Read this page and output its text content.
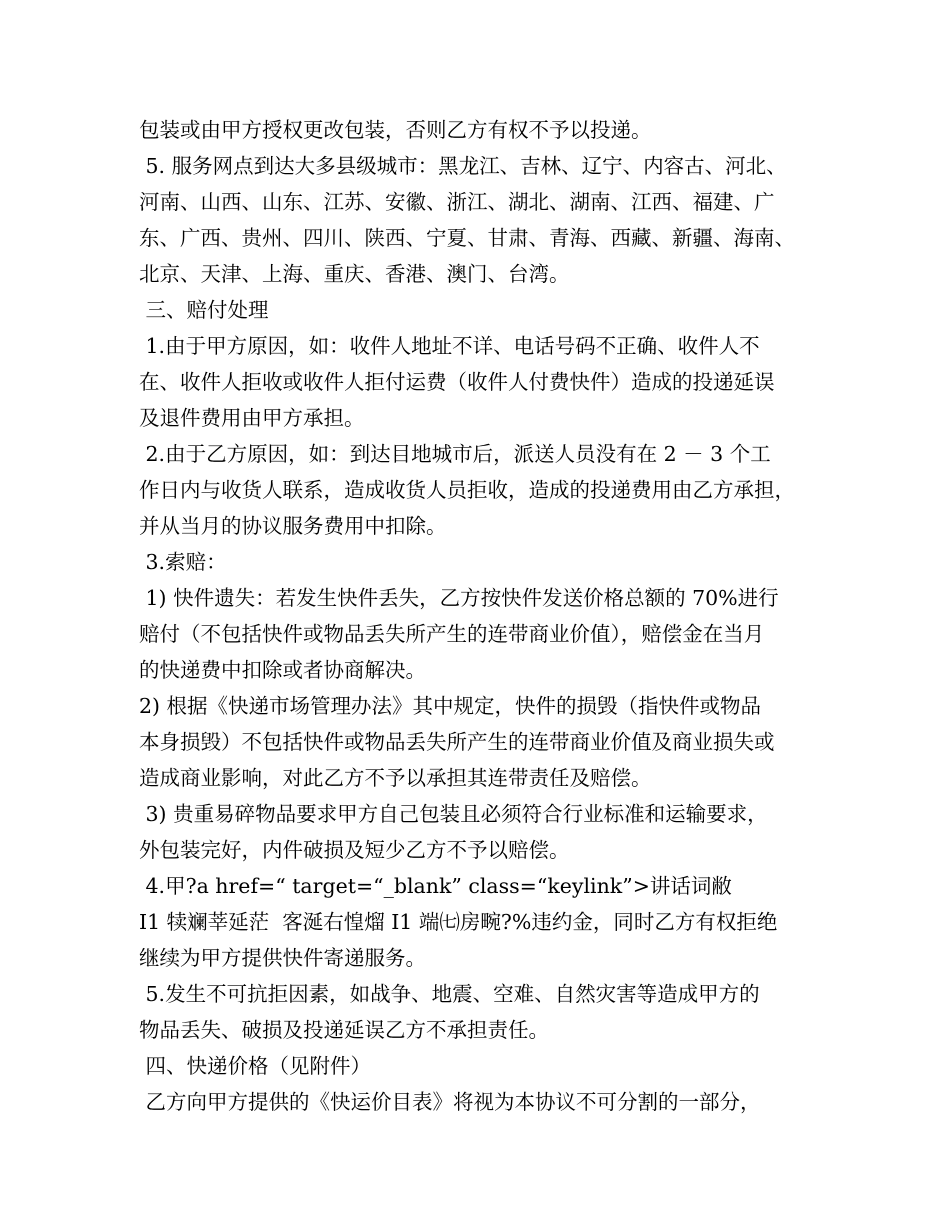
包装或由甲方授权更改包装，否则乙方有权不予以投递。
5. 服务网点到达大多县级城市：黑龙江、吉林、辽宁、内容古、河北、
河南、山西、山东、江苏、安徽、浙江、湖北、湖南、江西、福建、广
东、广西、贵州、四川、陕西、宁夏、甘肃、青海、西藏、新疆、海南、
北京、天津、上海、重庆、香港、澳门、台湾。
三、赔付处理
1.由于甲方原因，如：收件人地址不详、电话号码不正确、收件人不
在、收件人拒收或收件人拒付运费（收件人付费快件）造成的投递延误
及退件费用由甲方承担。
2.由于乙方原因，如：到达目地城市后，派送人员没有在 2 － 3 个工
作日内与收货人联系，造成收货人员拒收，造成的投递费用由乙方承担，
并从当月的协议服务费用中扣除。
3.索赔：
1) 快件遗失：若发生快件丢失，乙方按快件发送价格总额的 70%进行
赔付（不包括快件或物品丢失所产生的连带商业价值），赔偿金在当月
的快递费中扣除或者协商解决。
2) 根据《快递市场管理办法》其中规定，快件的损毁（指快件或物品
本身损毁）不包括快件或物品丢失所产生的连带商业价值及商业损失或
造成商业影响，对此乙方不予以承担其连带责任及赔偿。
3) 贵重易碎物品要求甲方自己包装且必须符合行业标准和运输要求，
外包装完好，内件破损及短少乙方不予以赔偿。
4.甲?a href=“ target=“_blank” class=“keylink”>讲话词敝
I1 犊斓莘延茫  客涎右惶熘 I1 端㈦房畹?%违约金，同时乙方有权拒绝
继续为甲方提供快件寄递服务。
5.发生不可抗拒因素，如战争、地震、空难、自然灾害等造成甲方的
物品丢失、破损及投递延误乙方不承担责任。
四、快递价格（见附件）
乙方向甲方提供的《快运价目表》将视为本协议不可分割的一部分，
